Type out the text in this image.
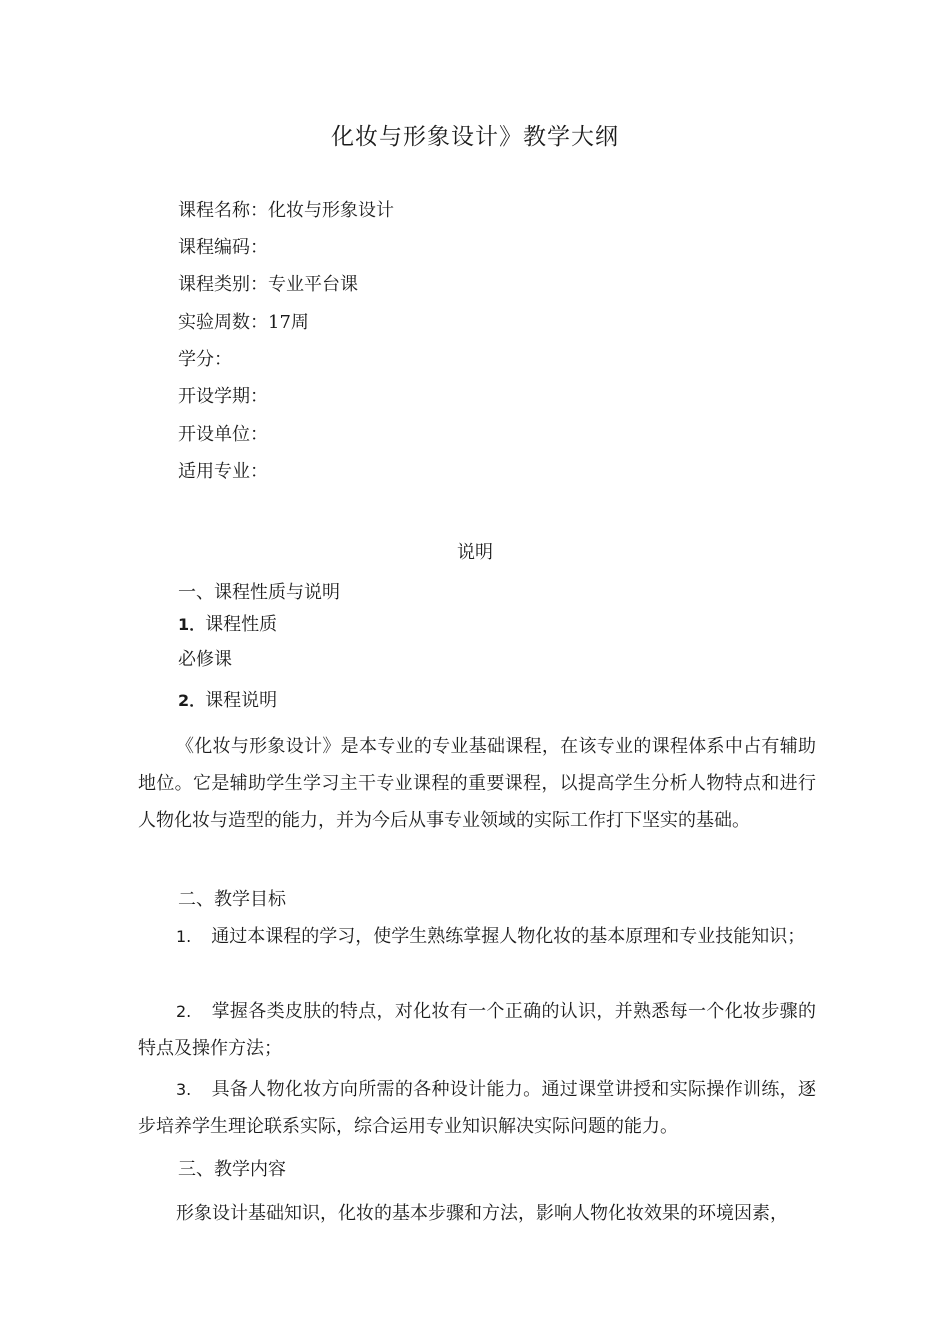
化妆与形象设计》教学大纲
课程名称：化妆与形象设计
课程编码：
课程类别：专业平台课
实验周数：17周
学分：
开设学期：
开设单位：
适用专业：
说明
一、课程性质与说明
1．课程性质
必修课
2．课程说明
《化妆与形象设计》是本专业的专业基础课程，在该专业的课程体系中占有辅助地位。它是辅助学生学习主干专业课程的重要课程，以提高学生分析人物特点和进行人物化妆与造型的能力，并为今后从事专业领域的实际工作打下坚实的基础。
二、教学目标
1. 通过本课程的学习，使学生熟练掌握人物化妆的基本原理和专业技能知识；
2. 掌握各类皮肤的特点，对化妆有一个正确的认识，并熟悉每一个化妆步骤的特点及操作方法；
3. 具备人物化妆方向所需的各种设计能力。通过课堂讲授和实际操作训练，逐步培养学生理论联系实际，综合运用专业知识解决实际问题的能力。
三、教学内容
形象设计基础知识，化妆的基本步骤和方法，影响人物化妆效果的环境因素，
